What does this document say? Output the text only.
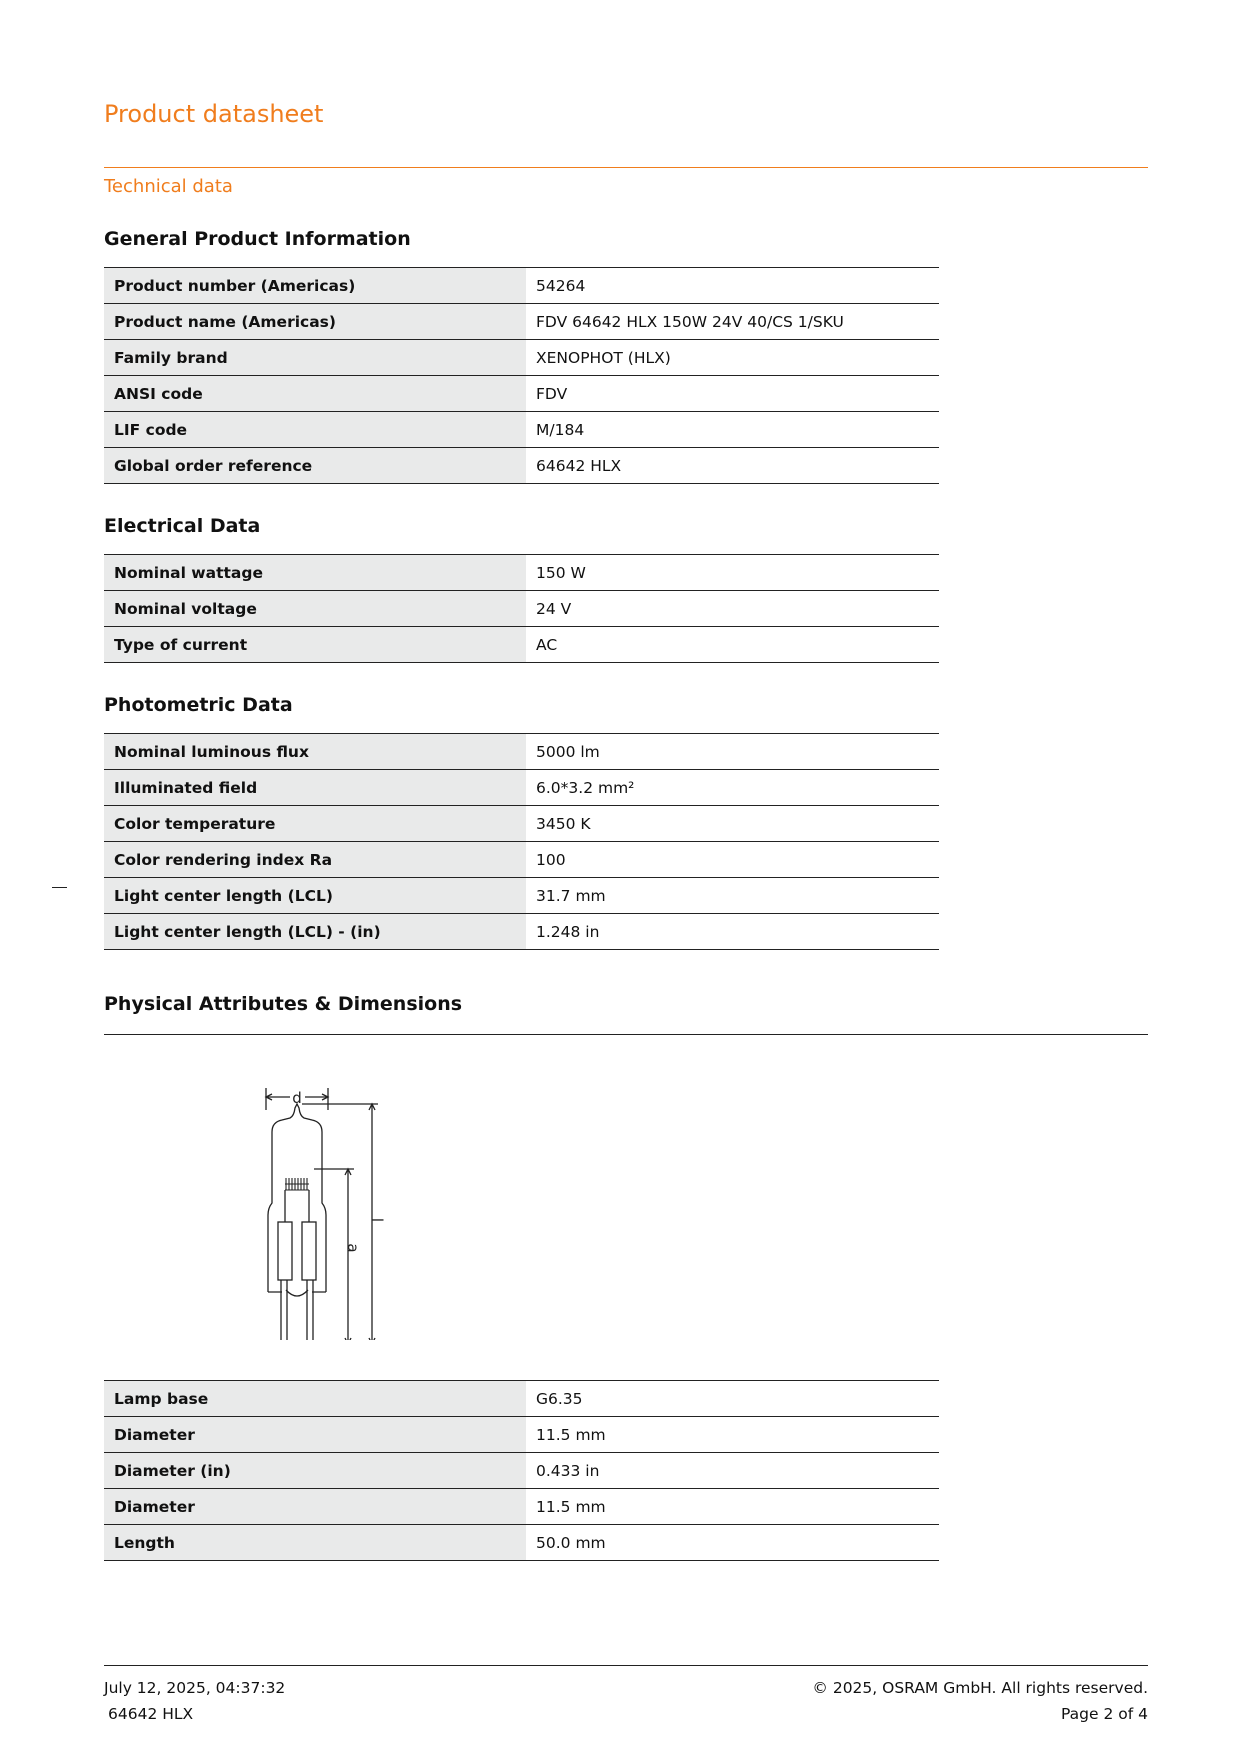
Product datasheet
Technical data
General Product Information
Product number (Americas)	54264
Product name (Americas)	FDV 64642 HLX 150W 24V 40/CS 1/SKU
Family brand	XENOPHOT (HLX)
ANSI code	FDV
LIF code	M/184
Global order reference	64642 HLX
Electrical Data
Nominal wattage	150 W
Nominal voltage	24 V
Type of current	AC
Photometric Data
Nominal luminous flux	5000 lm
Illuminated field	6.0*3.2 mm²
Color temperature	3450 K
Color rendering index Ra	100
Light center length (LCL)	31.7 mm
Light center length (LCL) - (in)	1.248 in
Physical Attributes & Dimensions
d
a
l
Lamp base	G6.35
Diameter	11.5 mm
Diameter (in)	0.433 in
Diameter	11.5 mm
Length	50.0 mm
July 12, 2025, 04:37:32
64642 HLX
© 2025, OSRAM GmbH. All rights reserved.
Page 2 of 4
